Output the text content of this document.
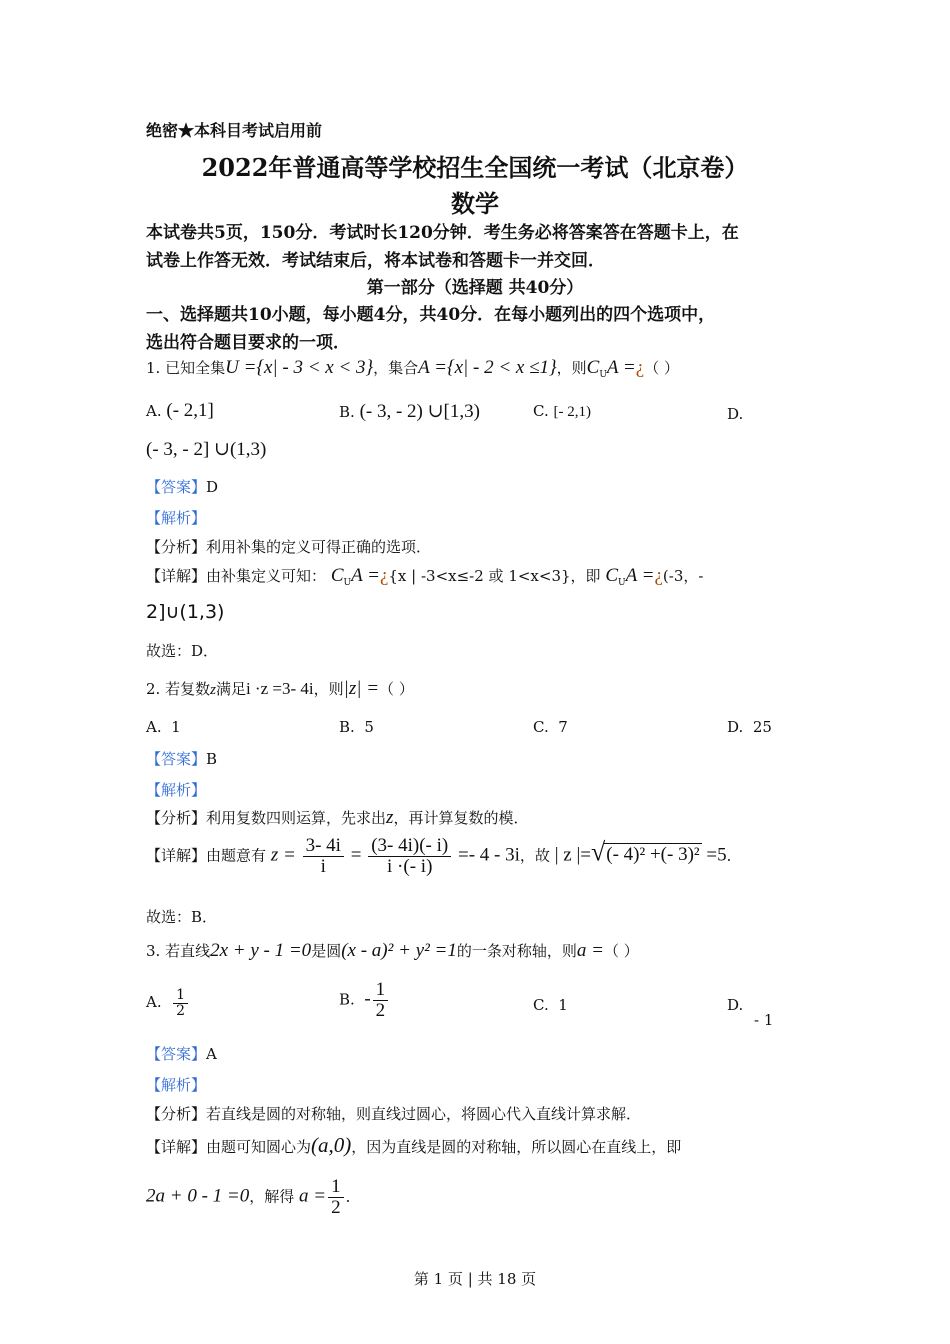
绝密★本科目考试启用前
2022年普通高等学校招生全国统一考试（北京卷）
数学
本试卷共5页，150分．考试时长120分钟．考生务必将答案答在答题卡上，在
试卷上作答无效．考试结束后，将本试卷和答题卡一并交回．
第一部分（选择题 共40分）
一、选择题共10小题，每小题4分，共40分．在每小题列出的四个选项中，
选出符合题目要求的一项．
1. 已知全集U ={x| - 3 < x < 3}，集合A ={x| - 2 < x ≤1}，则$C_UA$ =¿（ ）
A. (- 2,1]	B. (- 3, - 2) ∪[1,3)	C. [- 2,1)	D.
(- 3, - 2] ∪(1,3)
【答案】D
【解析】
【分析】利用补集的定义可得正确的选项．
【详解】由补集定义可知： $C_UA$ =¿{x | -3<x≤-2 或 1<x<3}，即 $C_UA$ =¿(-3，-
2]∪(1,3)
故选：D．
2. 若复数z满足i ·z =3- 4i，则|z| =（ ）
A. 1	B. 5	C. 7	D. 25
【答案】B
【解析】
【分析】利用复数四则运算，先求出z，再计算复数的模．
【详解】由题意有 $z = \frac{3- 4i}{i} = \frac{(3- 4i)(- i)}{i \cdot(- i)} =- 4 - 3i$，故 | z |=√(- 4)² +(- 3)² =5．
故选：B．
3. 若直线2x + y - 1 =0是圆(x - a)² + y² =1的一条对称轴，则a =（ ）
A. $\frac{1}{2}$	B. - $\frac{1}{2}$	C. 1	D.
- 1
【答案】A
【解析】
【分析】若直线是圆的对称轴，则直线过圆心，将圆心代入直线计算求解．
【详解】由题可知圆心为(a,0)，因为直线是圆的对称轴，所以圆心在直线上，即
2a + 0 - 1 =0，解得 $a = \frac{1}{2}$ ．
第 1 页 | 共 18 页
